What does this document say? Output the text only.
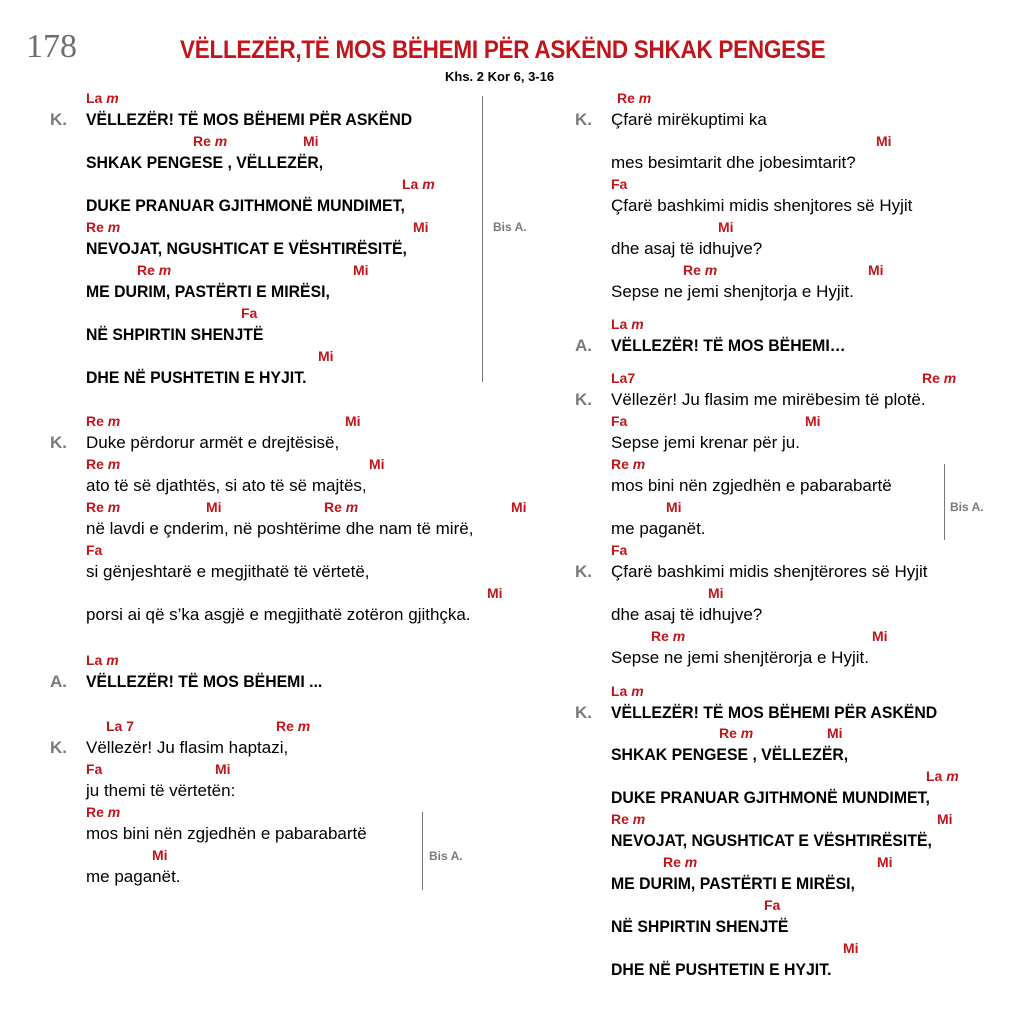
178	VËLLEZËR,TË MOS BËHEMI PËR ASKËND SHKAK PENGESE
Khs. 2 Kor 6, 3-16
La m
K. VËLLEZËR! TË MOS BËHEMI PËR ASKËND
Re m	Mi
SHKAK PENGESE , VËLLEZËR,
La m
DUKE PRANUAR GJITHMONË MUNDIMET,
Re m	Mi
NEVOJAT, NGUSHTICAT E VËSHTIRËSITË,
Re m	Mi
ME DURIM, PASTËRTI E MIRËSI,
Fa
NË SHPIRTIN SHENJTË
Mi
DHE NË PUSHTETIN E HYJIT.
Bis A.
Re m	Mi
K. Duke përdorur armët e drejtësisë,
Re m	Mi
ato të së djathtës, si ato të së majtës,
Re m	Mi	Re m	Mi
në lavdi e çnderim, në poshtërime dhe nam të mirë,
Fa
si gënjeshtarë e megjithatë të vërtetë,
Mi
porsi ai që s’ka asgjë e megjithatë zotëron gjithçka.
La m
A. VËLLEZËR! TË MOS BËHEMI ...
La 7	Re m
K. Vëllezër! Ju flasim haptazi,
Fa	Mi
ju themi të vërtetën:
Re m
mos bini nën zgjedhën e pabarabartë
Mi
me paganët.
Bis A.
Re m
K. Çfarë mirëkuptimi ka
Mi
mes besimtarit dhe jobesimtarit?
Fa
Çfarë bashkimi midis shenjtores së Hyjit
Mi
dhe asaj të idhujve?
Re m	Mi
Sepse ne jemi shenjtorja e Hyjit.
La m
A. VËLLEZËR! TË MOS BËHEMI…
La7	Re m
K. Vëllezër! Ju flasim me mirëbesim të plotë.
Fa	Mi
Sepse jemi krenar për ju.
Re m
mos bini nën zgjedhën e pabarabartë
Mi
me paganët.
Bis A.
Fa
K. Çfarë bashkimi midis shenjtërores së Hyjit
Mi
dhe asaj të idhujve?
Re m	Mi
Sepse ne jemi shenjtërorja e Hyjit.
La m
K. VËLLEZËR! TË MOS BËHEMI PËR ASKËND
Re m	Mi
SHKAK PENGESE , VËLLEZËR,
La m
DUKE PRANUAR GJITHMONË MUNDIMET,
Re m	Mi
NEVOJAT, NGUSHTICAT E VËSHTIRËSITË,
Re m	Mi
ME DURIM, PASTËRTI E MIRËSI,
Fa
NË SHPIRTIN SHENJTË
Mi
DHE NË PUSHTETIN E HYJIT.
